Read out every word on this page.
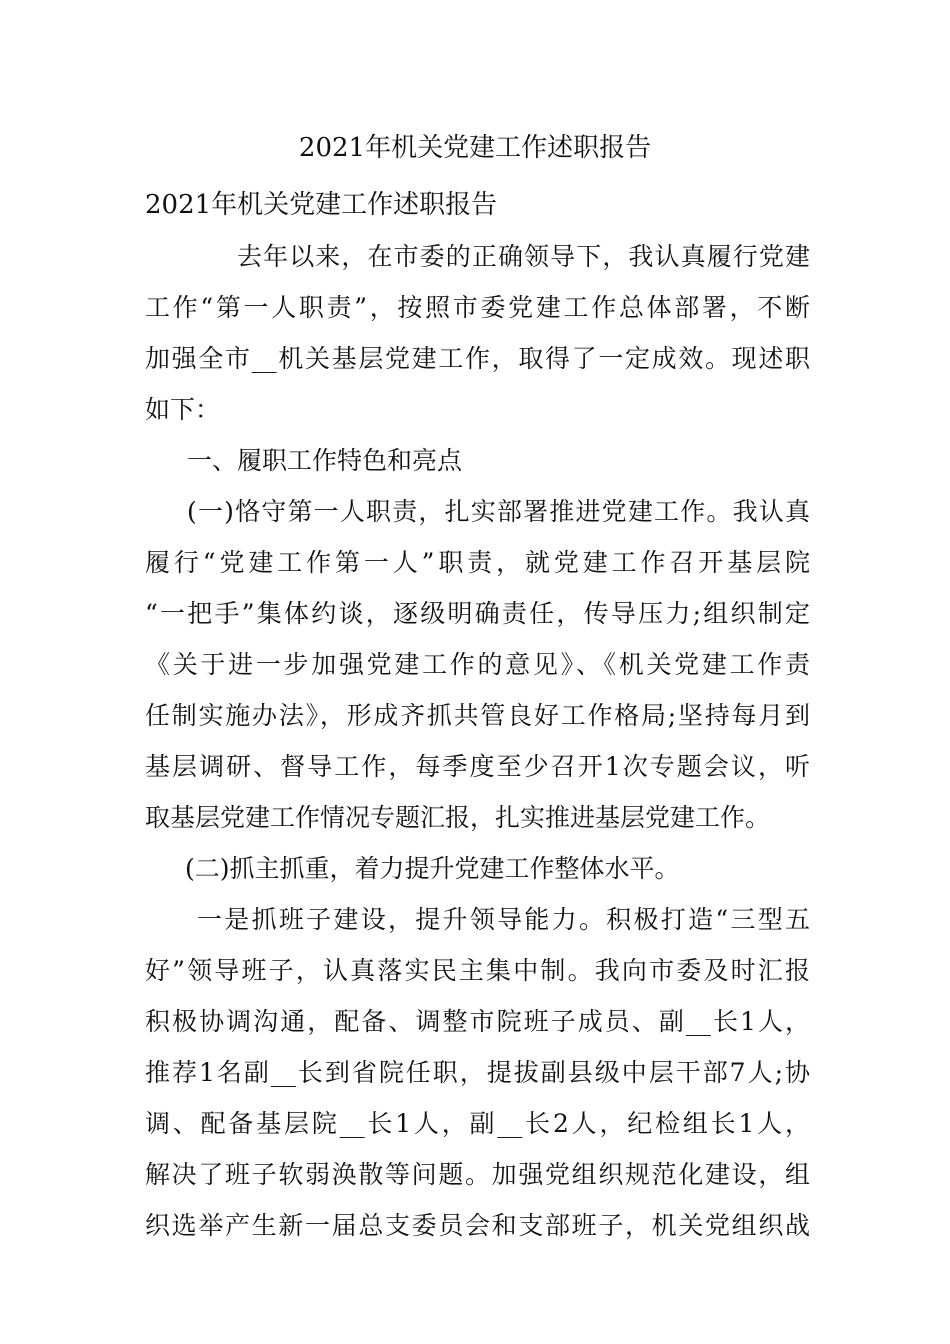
2021年机关党建工作述职报告
2021年机关党建工作述职报告
去年以来，在市委的正确领导下，我认真履行党建
工作“第一人职责”，按照市委党建工作总体部署，不断
加强全市__机关基层党建工作，取得了一定成效。现述职
如下：
一、履职工作特色和亮点
(一)恪守第一人职责，扎实部署推进党建工作。我认真
履行“党建工作第一人”职责，就党建工作召开基层院
“一把手”集体约谈，逐级明确责任，传导压力;组织制定
《关于进一步加强党建工作的意见》、《机关党建工作责
任制实施办法》，形成齐抓共管良好工作格局;坚持每月到
基层调研、督导工作，每季度至少召开1次专题会议，听
取基层党建工作情况专题汇报，扎实推进基层党建工作。
(二)抓主抓重，着力提升党建工作整体水平。
一是抓班子建设，提升领导能力。积极打造“三型五
好”领导班子，认真落实民主集中制。我向市委及时汇报
积极协调沟通，配备、调整市院班子成员、副__长1人，
推荐1名副__长到省院任职，提拔副县级中层干部7人;协
调、配备基层院__长1人，副__长2人，纪检组长1人，
解决了班子软弱涣散等问题。加强党组织规范化建设，组
织选举产生新一届总支委员会和支部班子，机关党组织战
